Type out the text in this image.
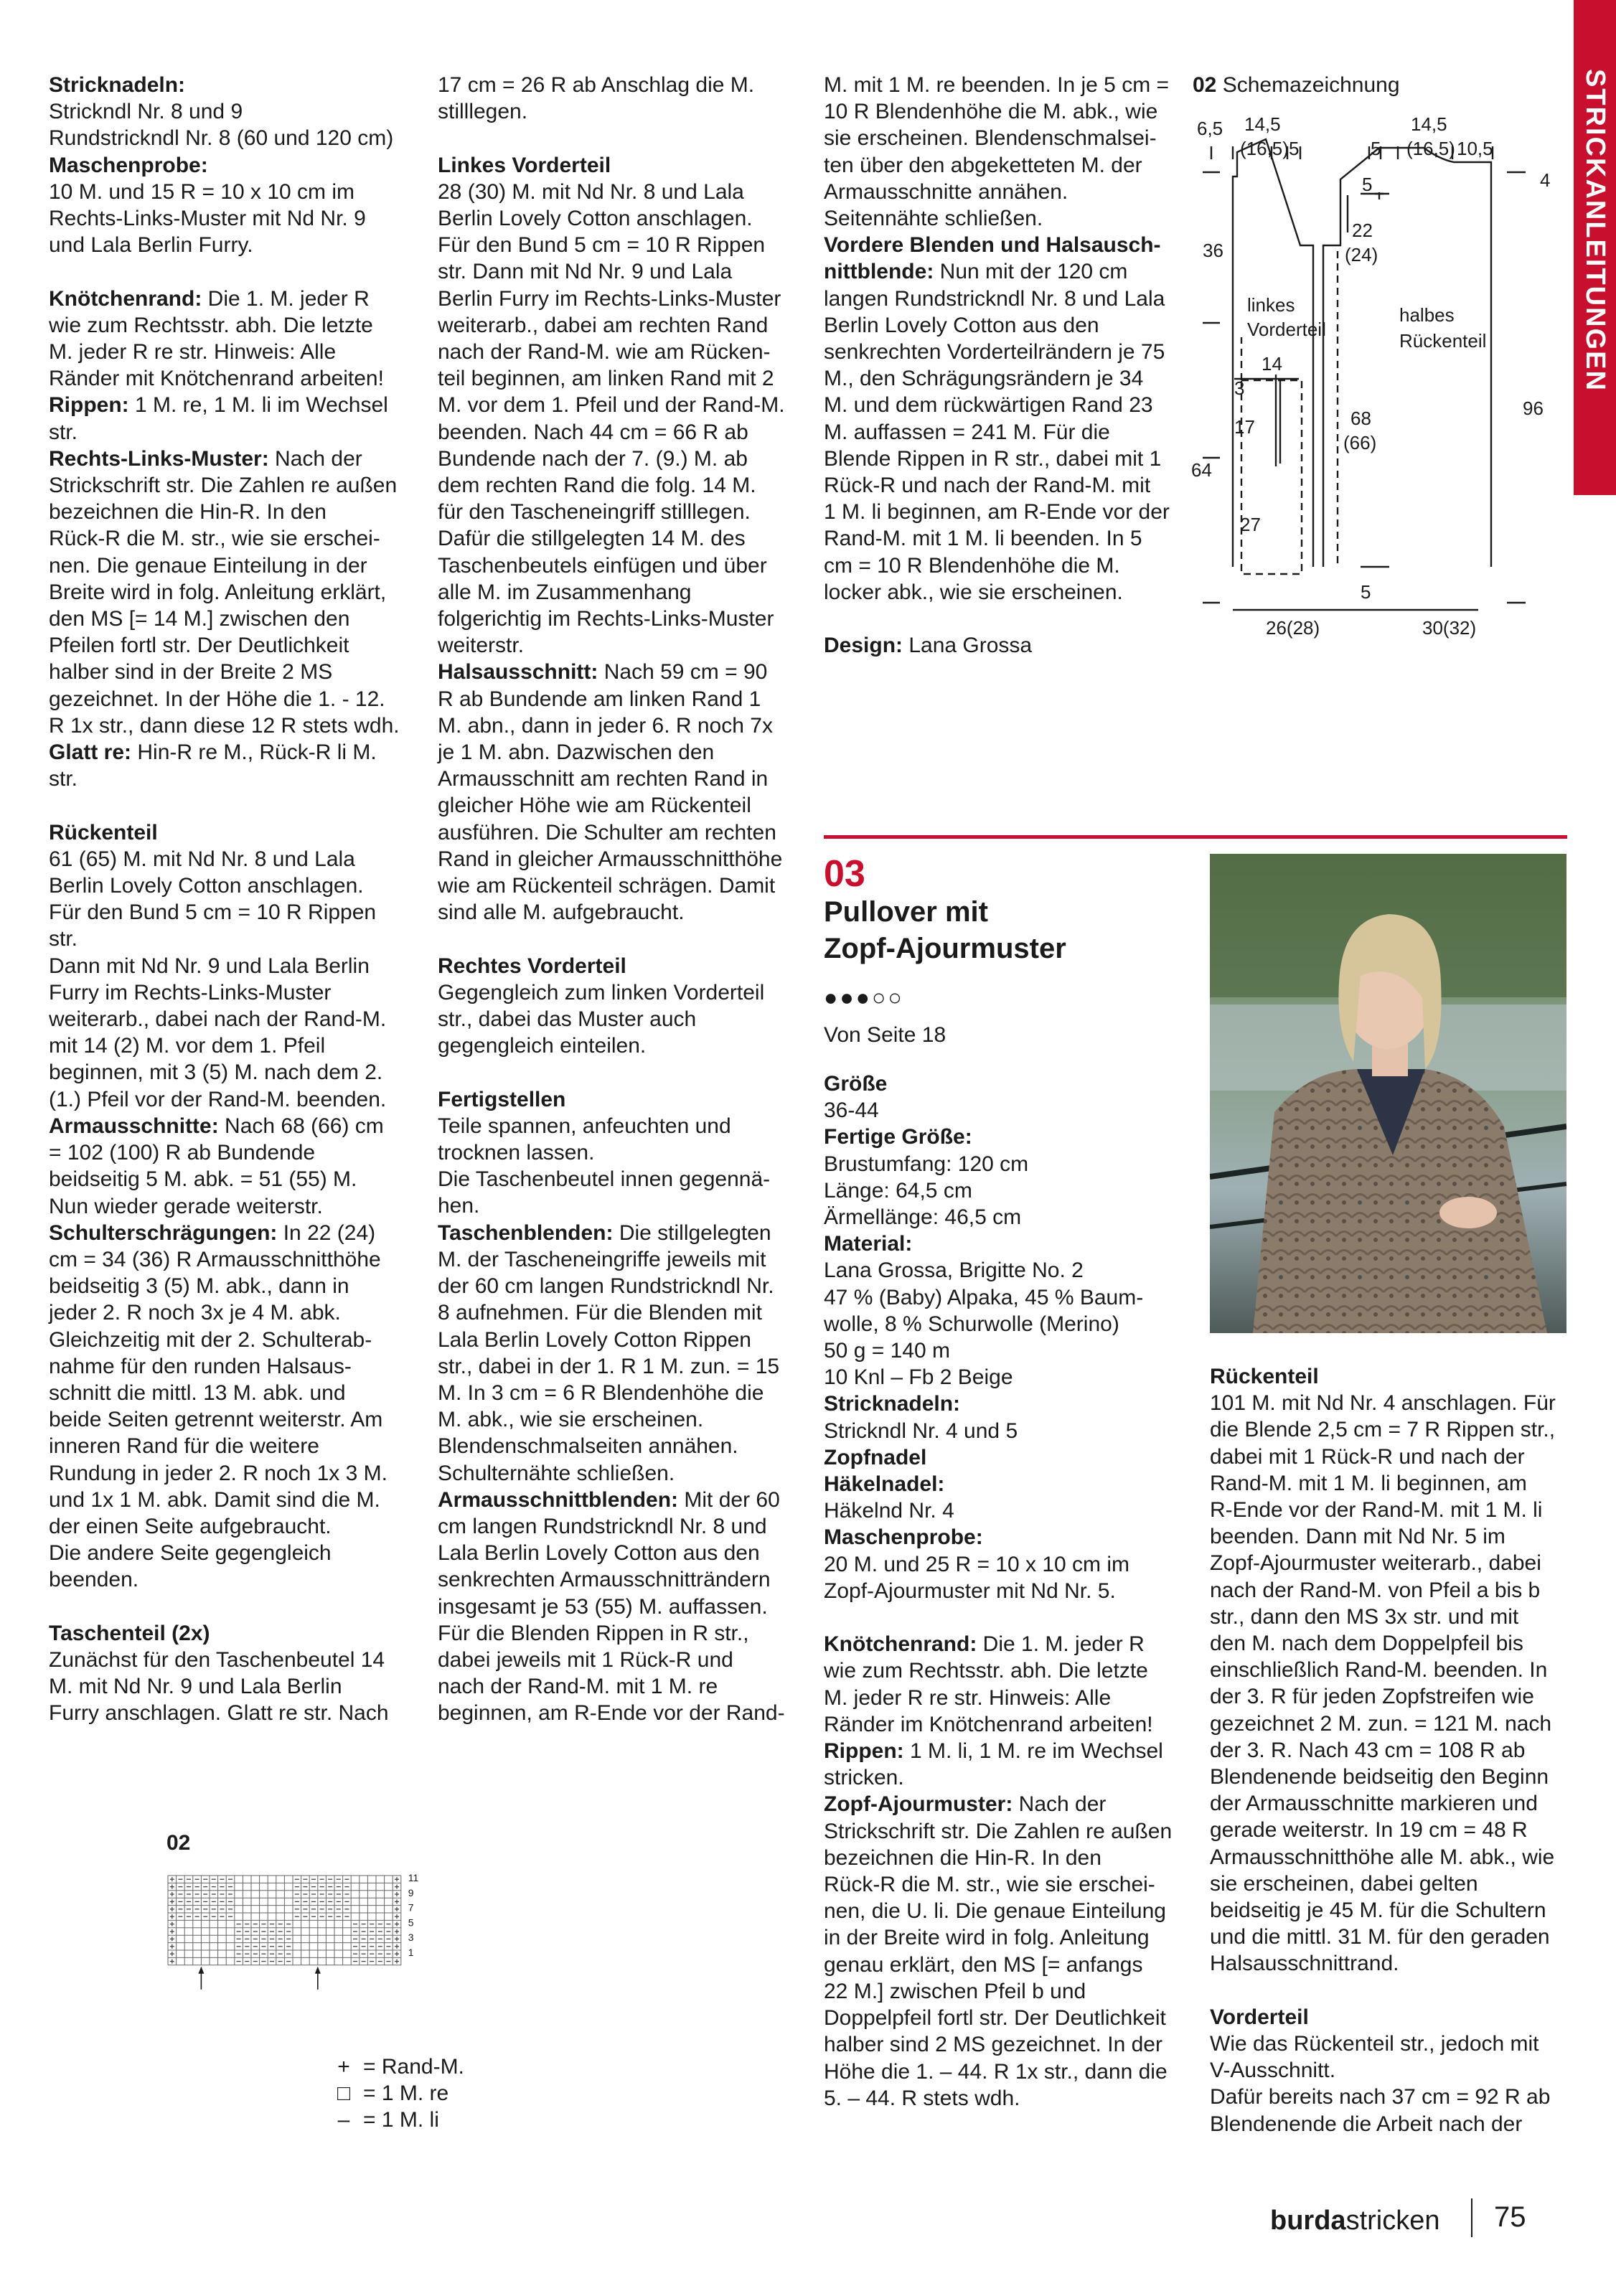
STRICKANLEITUNGEN

Stricknadeln:

Strickndl Nr. 8 und 9

Rundstrickndl Nr. 8 (60 und 120 cm)

Maschenprobe:

10 M. und 15 R = 10 x 10 cm im

Rechts-Links-Muster mit Nd Nr. 9

und Lala Berlin Furry.

Knötchenrand: Die 1. M. jeder R

wie zum Rechtsstr. abh. Die letzte

M. jeder R re str. Hinweis: Alle

Ränder mit Knötchenrand arbeiten!

Rippen: 1 M. re, 1 M. li im Wechsel

str.

Rechts-Links-Muster: Nach der

Strickschrift str. Die Zahlen re außen

bezeichnen die Hin-R. In den

Rück-R die M. str., wie sie erschei-

nen. Die genaue Einteilung in der

Breite wird in folg. Anleitung erklärt,

den MS [= 14 M.] zwischen den

Pfeilen fortl str. Der Deutlichkeit

halber sind in der Breite 2 MS

gezeichnet. In der Höhe die 1. - 12.

R 1x str., dann diese 12 R stets wdh.

Glatt re: Hin-R re M., Rück-R li M.

str.

Rückenteil

61 (65) M. mit Nd Nr. 8 und Lala

Berlin Lovely Cotton anschlagen.

Für den Bund 5 cm = 10 R Rippen

str.

Dann mit Nd Nr. 9 und Lala Berlin

Furry im Rechts-Links-Muster

weiterarb., dabei nach der Rand-M.

mit 14 (2) M. vor dem 1. Pfeil

beginnen, mit 3 (5) M. nach dem 2.

(1.) Pfeil vor der Rand-M. beenden.

Armausschnitte: Nach 68 (66) cm

= 102 (100) R ab Bundende

beidseitig 5 M. abk. = 51 (55) M.

Nun wieder gerade weiterstr.

Schulterschrägungen: In 22 (24)

cm = 34 (36) R Armausschnitthöhe

beidseitig 3 (5) M. abk., dann in

jeder 2. R noch 3x je 4 M. abk.

Gleichzeitig mit der 2. Schulterab-

nahme für den runden Halsaus-

schnitt die mittl. 13 M. abk. und

beide Seiten getrennt weiterstr. Am

inneren Rand für die weitere

Rundung in jeder 2. R noch 1x 3 M.

und 1x 1 M. abk. Damit sind die M.

der einen Seite aufgebraucht.

Die andere Seite gegengleich

beenden.

Taschenteil (2x)

Zunächst für den Taschenbeutel 14

M. mit Nd Nr. 9 und Lala Berlin

Furry anschlagen. Glatt re str. Nach

17 cm = 26 R ab Anschlag die M.

stilllegen.

Linkes Vorderteil

28 (30) M. mit Nd Nr. 8 und Lala

Berlin Lovely Cotton anschlagen.

Für den Bund 5 cm = 10 R Rippen

str. Dann mit Nd Nr. 9 und Lala

Berlin Furry im Rechts-Links-Muster

weiterarb., dabei am rechten Rand

nach der Rand-M. wie am Rücken-

teil beginnen, am linken Rand mit 2

M. vor dem 1. Pfeil und der Rand-M.

beenden. Nach 44 cm = 66 R ab

Bundende nach der 7. (9.) M. ab

dem rechten Rand die folg. 14 M.

für den Tascheneingriff stilllegen.

Dafür die stillgelegten 14 M. des

Taschenbeutels einfügen und über

alle M. im Zusammenhang

folgerichtig im Rechts-Links-Muster

weiterstr.

Halsausschnitt: Nach 59 cm = 90

R ab Bundende am linken Rand 1

M. abn., dann in jeder 6. R noch 7x

je 1 M. abn. Dazwischen den

Armausschnitt am rechten Rand in

gleicher Höhe wie am Rückenteil

ausführen. Die Schulter am rechten

Rand in gleicher Armausschnitthöhe

wie am Rückenteil schrägen. Damit

sind alle M. aufgebraucht.

Rechtes Vorderteil

Gegengleich zum linken Vorderteil

str., dabei das Muster auch

gegengleich einteilen.

Fertigstellen

Teile spannen, anfeuchten und

trocknen lassen.

Die Taschenbeutel innen gegennä-

hen.

Taschenblenden: Die stillgelegten

M. der Tascheneingriffe jeweils mit

der 60 cm langen Rundstrickndl Nr.

8 aufnehmen. Für die Blenden mit

Lala Berlin Lovely Cotton Rippen

str., dabei in der 1. R 1 M. zun. = 15

M. In 3 cm = 6 R Blendenhöhe die

M. abk., wie sie erscheinen.

Blendenschmalseiten annähen.

Schulternähte schließen.

Armausschnittblenden: Mit der 60

cm langen Rundstrickndl Nr. 8 und

Lala Berlin Lovely Cotton aus den

senkrechten Armausschnitträndern

insgesamt je 53 (55) M. auffassen.

Für die Blenden Rippen in R str.,

dabei jeweils mit 1 Rück-R und

nach der Rand-M. mit 1 M. re

beginnen, am R-Ende vor der Rand-

M. mit 1 M. re beenden. In je 5 cm =

10 R Blendenhöhe die M. abk., wie

sie erscheinen. Blendenschmalsei-

ten über den abgeketteten M. der

Armausschnitte annähen.

Seitennähte schließen.

Vordere Blenden und Halsausch-

nittblende: Nun mit der 120 cm

langen Rundstrickndl Nr. 8 und Lala

Berlin Lovely Cotton aus den

senkrechten Vorderteilrändern je 75

M., den Schrägungsrändern je 34

M. und dem rückwärtigen Rand 23

M. auffassen = 241 M. Für die

Blende Rippen in R str., dabei mit 1

Rück-R und nach der Rand-M. mit

1 M. li beginnen, am R-Ende vor der

Rand-M. mit 1 M. li beenden. In 5

cm = 10 R Blendenhöhe die M.

locker abk., wie sie erscheinen.

Design: Lana Grossa

02 Schemazeichnung
6,5 14,5
(16,5) 5	5
14,5
(16,5) 10,5
4
5
36
22
(24)
linkes
Vorderteil
halbes
Rückenteil
14
3
17	68
(66)
96
64
27
5
26(28)	30(32)
03
Pullover mit
Zopf-Ajourmuster
●●●○○
Von Seite 18

Größe

36-44

Fertige Größe:

Brustumfang: 120 cm

Länge: 64,5 cm

Ärmellänge: 46,5 cm

Material:

Lana Grossa, Brigitte No. 2

47 % (Baby) Alpaka, 45 % Baum-

wolle, 8 % Schurwolle (Merino)

50 g = 140 m

10 Knl – Fb 2 Beige

Stricknadeln:

Strickndl Nr. 4 und 5

Zopfnadel

Häkelnadel:

Häkelnd Nr. 4

Maschenprobe:

20 M. und 25 R = 10 x 10 cm im

Zopf-Ajourmuster mit Nd Nr. 5.

Knötchenrand: Die 1. M. jeder R

wie zum Rechtsstr. abh. Die letzte

M. jeder R re str. Hinweis: Alle

Ränder im Knötchenrand arbeiten!

Rippen: 1 M. li, 1 M. re im Wechsel

stricken.

Zopf-Ajourmuster: Nach der

Strickschrift str. Die Zahlen re außen

bezeichnen die Hin-R. In den

Rück-R die M. str., wie sie erschei-

nen, die U. li. Die genaue Einteilung

in der Breite wird in folg. Anleitung

genau erklärt, den MS [= anfangs

22 M.] zwischen Pfeil b und

Doppelpfeil fortl str. Der Deutlichkeit

halber sind 2 MS gezeichnet. In der

Höhe die 1. – 44. R 1x str., dann die

5. – 44. R stets wdh.

Rückenteil

101 M. mit Nd Nr. 4 anschlagen. Für

die Blende 2,5 cm = 7 R Rippen str.,

dabei mit 1 Rück-R und nach der

Rand-M. mit 1 M. li beginnen, am

R-Ende vor der Rand-M. mit 1 M. li

beenden. Dann mit Nd Nr. 5 im

Zopf-Ajourmuster weiterarb., dabei

nach der Rand-M. von Pfeil a bis b

str., dann den MS 3x str. und mit

den M. nach dem Doppelpfeil bis

einschließlich Rand-M. beenden. In

der 3. R für jeden Zopfstreifen wie

gezeichnet 2 M. zun. = 121 M. nach

der 3. R. Nach 43 cm = 108 R ab

Blendenende beidseitig den Beginn

der Armausschnitte markieren und

gerade weiterstr. In 19 cm = 48 R

Armausschnitthöhe alle M. abk., wie

sie erscheinen, dabei gelten

beidseitig je 45 M. für die Schultern

und die mittl. 31 M. für den geraden

Halsausschnittrand.

Vorderteil

Wie das Rückenteil str., jedoch mit

V-Ausschnitt.

Dafür bereits nach 37 cm = 92 R ab

Blendenende die Arbeit nach der

02
11
9
7
5
3
1
+ = Rand-M.
□ = 1 M. re
– = 1 M. li
burdastricken 75
